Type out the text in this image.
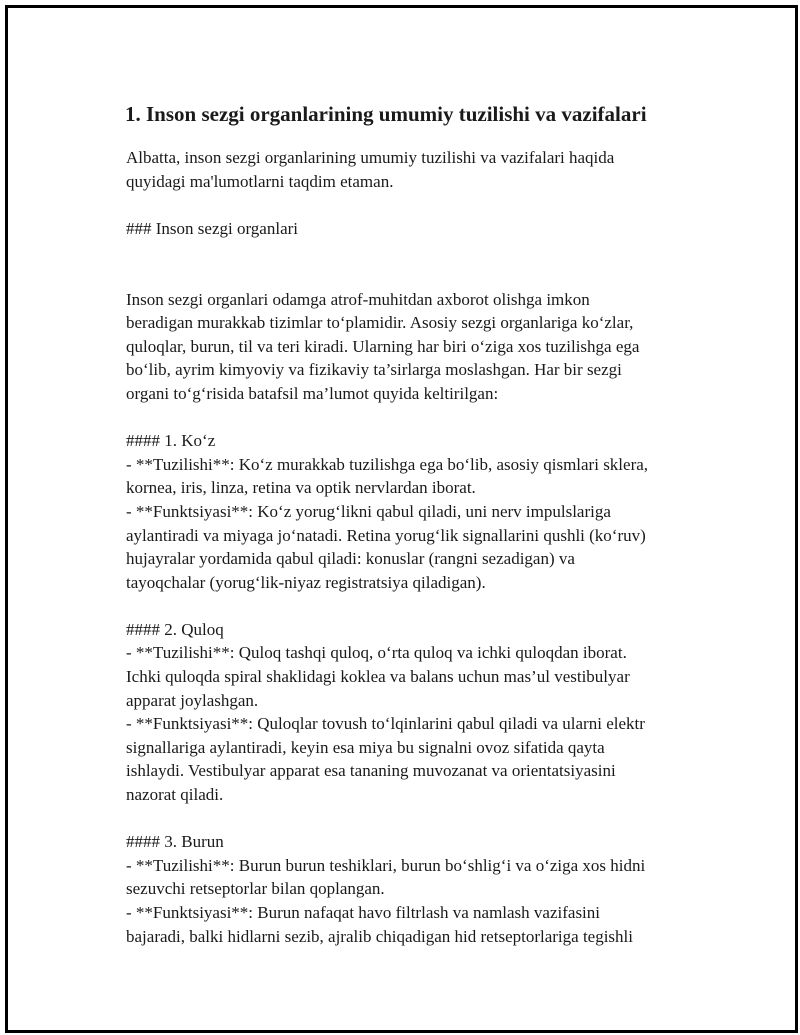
1. Inson sezgi organlarining umumiy tuzilishi va vazifalari
Albatta, inson sezgi organlarining umumiy tuzilishi va vazifalari haqida
quyidagi ma'lumotlarni taqdim etaman.
### Inson sezgi organlari
Inson sezgi organlari odamga atrof-muhitdan axborot olishga imkon
beradigan murakkab tizimlar to‘plamidir. Asosiy sezgi organlariga ko‘zlar,
quloqlar, burun, til va teri kiradi. Ularning har biri o‘ziga xos tuzilishga ega
bo‘lib, ayrim kimyoviy va fizikaviy ta’sirlarga moslashgan. Har bir sezgi
organi to‘g‘risida batafsil ma’lumot quyida keltirilgan:
#### 1. Ko‘z
- **Tuzilishi**: Ko‘z murakkab tuzilishga ega bo‘lib, asosiy qismlari sklera,
kornea, iris, linza, retina va optik nervlardan iborat.
- **Funktsiyasi**: Ko‘z yorug‘likni qabul qiladi, uni nerv impulslariga
aylantiradi va miyaga jo‘natadi. Retina yorug‘lik signallarini qushli (ko‘ruv)
hujayralar yordamida qabul qiladi: konuslar (rangni sezadigan) va
tayoqchalar (yorug‘lik-niyaz registratsiya qiladigan).
#### 2. Quloq
- **Tuzilishi**: Quloq tashqi quloq, o‘rta quloq va ichki quloqdan iborat.
Ichki quloqda spiral shaklidagi koklea va balans uchun mas’ul vestibulyar
apparat joylashgan.
- **Funktsiyasi**: Quloqlar tovush to‘lqinlarini qabul qiladi va ularni elektr
signallariga aylantiradi, keyin esa miya bu signalni ovoz sifatida qayta
ishlaydi. Vestibulyar apparat esa tananing muvozanat va orientatsiyasini
nazorat qiladi.
#### 3. Burun
- **Tuzilishi**: Burun burun teshiklari, burun bo‘shlig‘i va o‘ziga xos hidni
sezuvchi retseptorlar bilan qoplangan.
- **Funktsiyasi**: Burun nafaqat havo filtrlash va namlash vazifasini
bajaradi, balki hidlarni sezib, ajralib chiqadigan hid retseptorlariga tegishli
